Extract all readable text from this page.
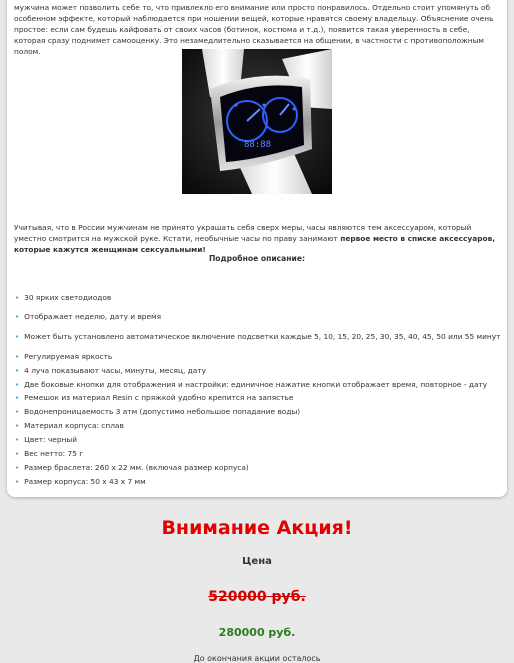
мужчина может позволить себе то, что привлекло его внимание или просто понравилось. Отдельно стоит упомянуть об особенном эффекте, который наблюдается при ношении вещей, которые нравятся своему владельцу. Объяснение очень простое: если сам будешь кайфовать от своих часов (ботинок, костюма и т.д.), появится такая уверенность в себе, которая сразу поднимет самооценку. Это незамедлительно сказывается на общении, в частности с противоположным полом.
88:88
Учитывая, что в России мужчинам не принято украшать себя сверх меры, часы являются тем аксессуаром, который уместно смотрится на мужской руке. Кстати, необычные часы по праву занимают первое место в списке аксессуаров, которые кажутся женщинам сексуальными!
Подробное описание:
• 30 ярких светодиодов
• Отображает неделю, дату и время
• Может быть установлено автоматическое включение подсветки каждые 5, 10, 15, 20, 25, 30, 35, 40, 45, 50 или 55 минут
• Регулируемая яркость
• 4 луча показывают часы, минуты, месяц, дату
• Две боковые кнопки для отображения и настройки: единичное нажатие кнопки отображает время, повторное - дату
• Ремешок из материал Resin с пряжкой удобно крепится на запястье
• Водонепроницаемость 3 атм (допустимо небольшое попадание воды)
• Материал корпуса: сплав
• Цвет: черный
• Вес нетто: 75 г
• Размер браслета: 260 x 22 мм. (включая размер корпуса)
• Размер корпуса: 50 x 43 x 7 мм
Внимание Акция!
Цена
520000 руб.
280000 руб.
До окончания акции осталось
